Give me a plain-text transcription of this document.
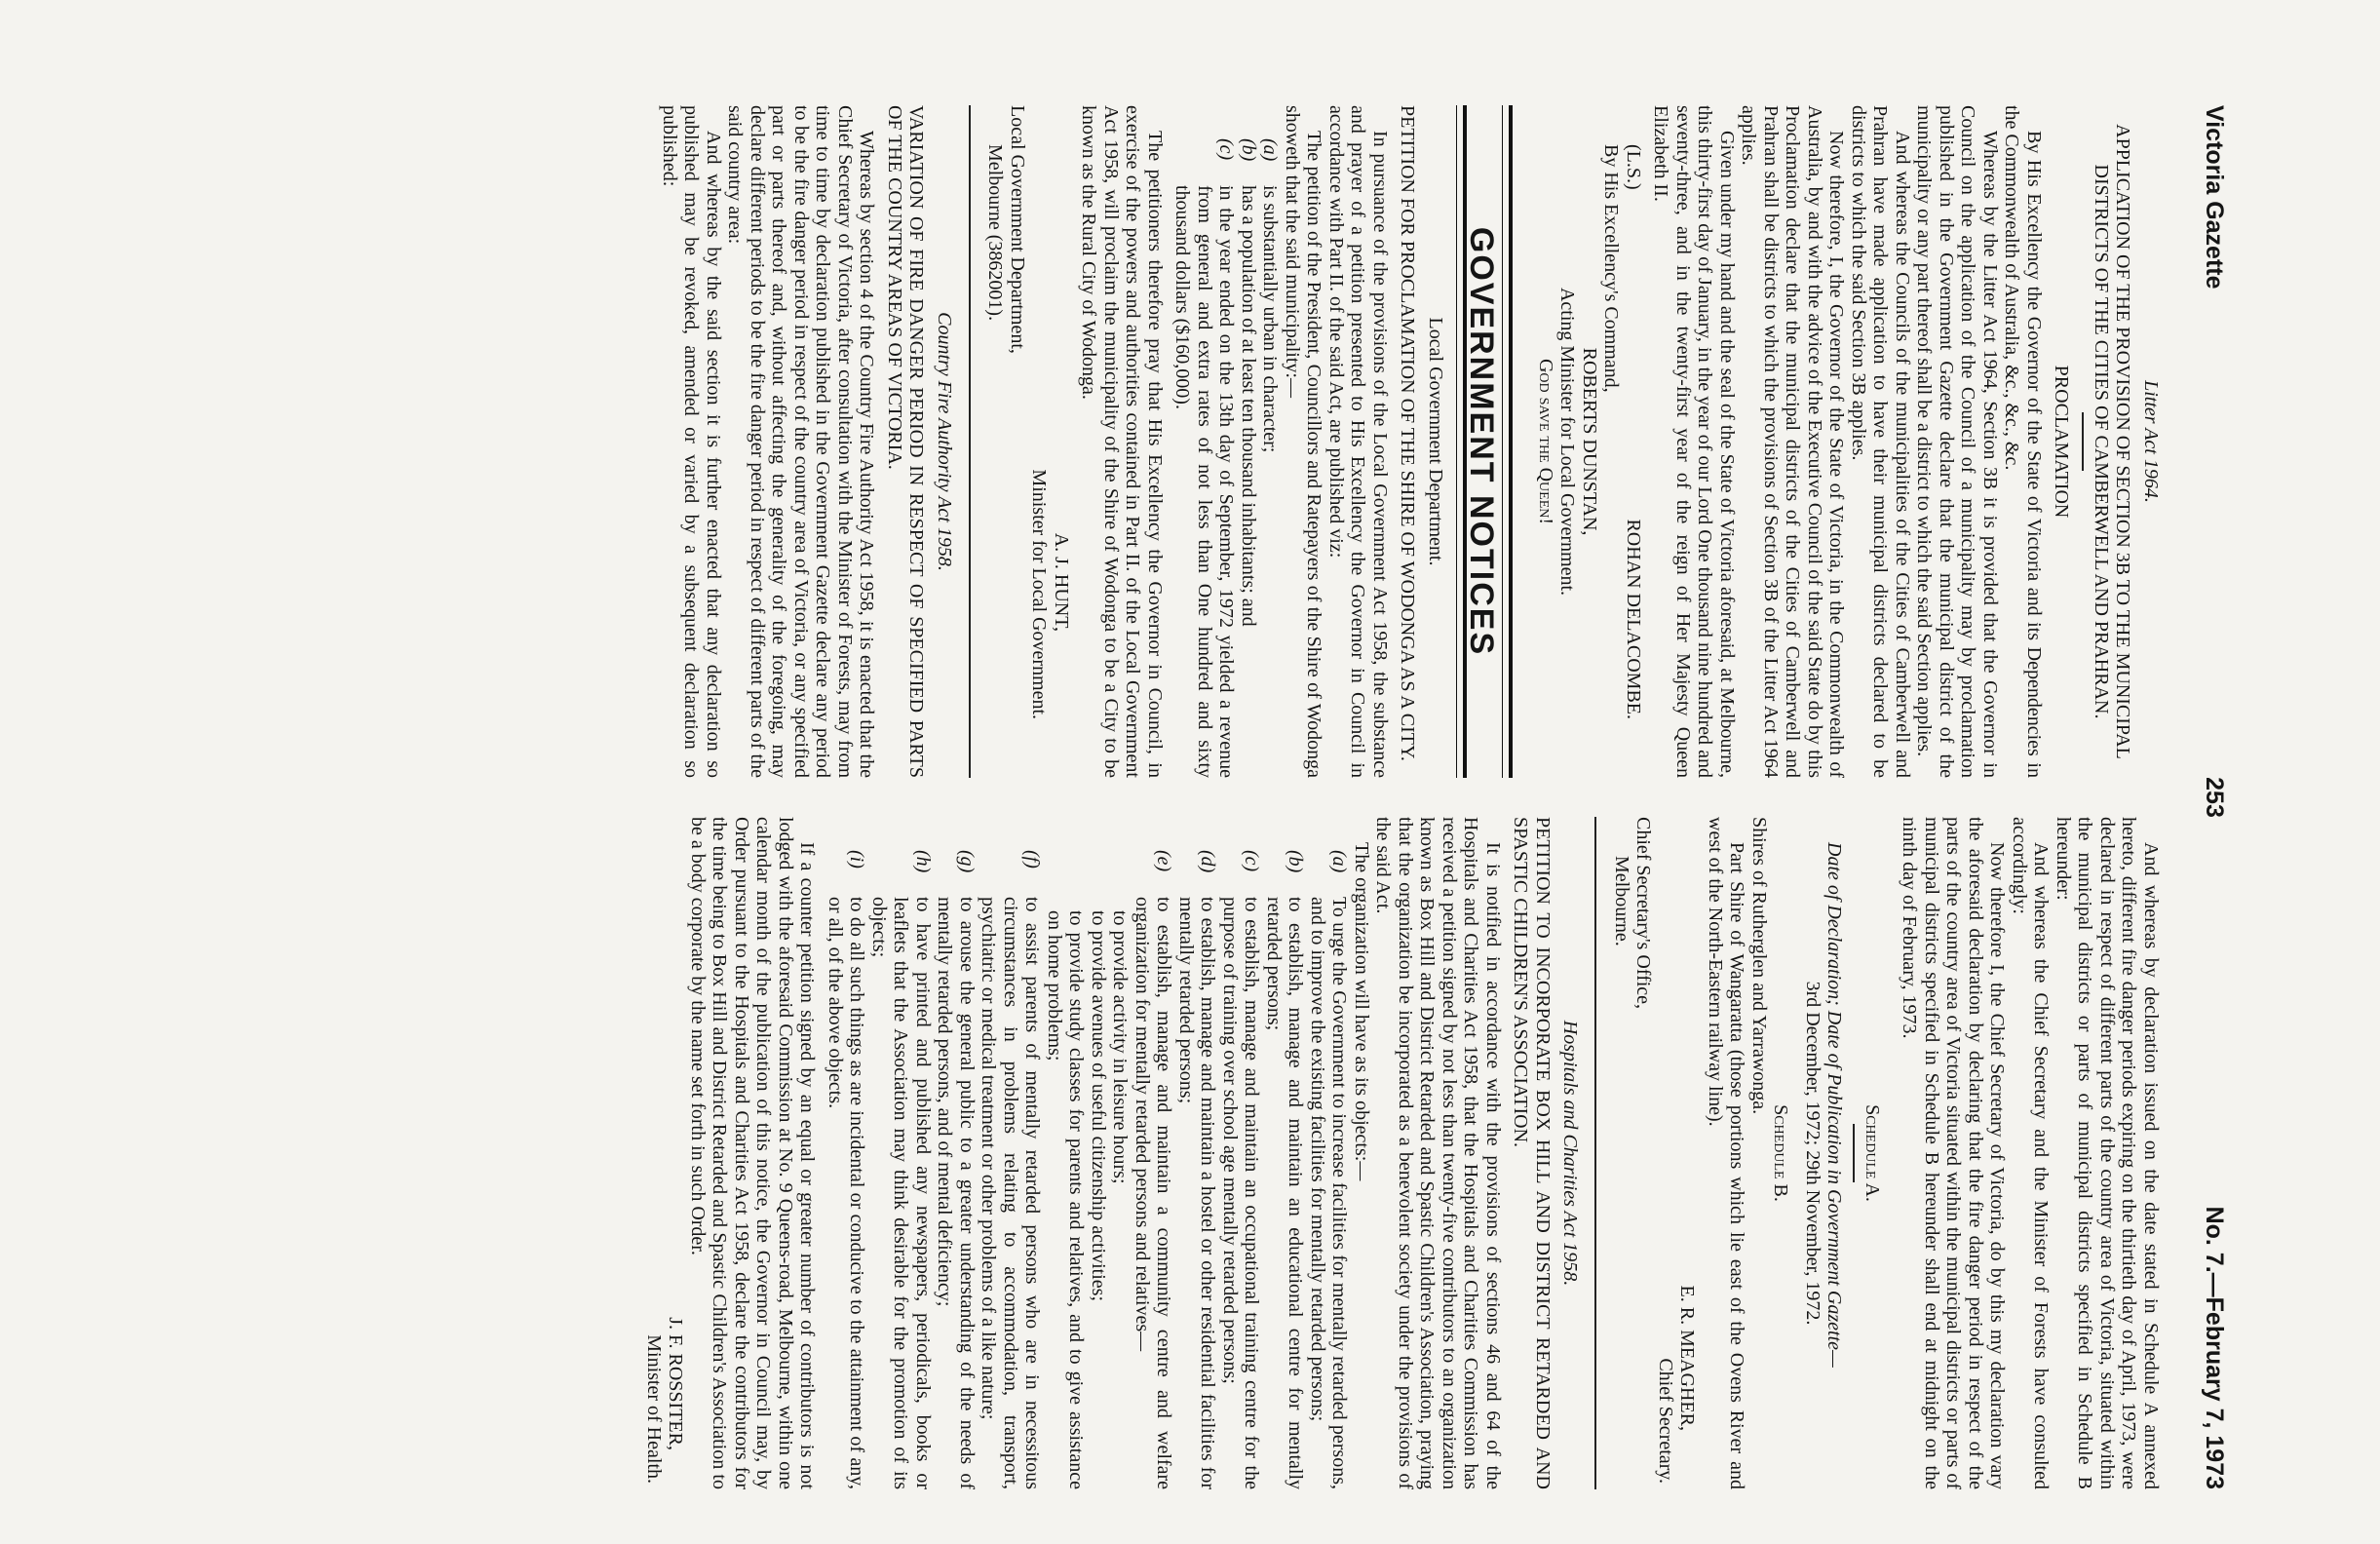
Victoria Gazette
253
No. 7.—February 7, 1973

Litter Act 1964.

APPLICATION OF THE PROVISION OF SECTION 3B TO THE MUNICIPAL DISTRICTS OF THE CITIES OF CAMBERWELL AND PRAHRAN.

PROCLAMATION

By His Excellency the Governor of the State of Victoria and its Dependencies in the Commonwealth of Australia, &c., &c., &c.

Whereas by the Litter Act 1964, Section 3B it is provided that the Governor in Council on the application of the Council of a municipality may by proclamation published in the Government Gazette declare that the municipal district of the municipality or any part thereof shall be a district to which the said Section applies.

And whereas the Councils of the municipalities of the Cities of Camberwell and Prahran have made application to have their municipal districts declared to be districts to which the said Section 3B applies.

Now therefore, I, the Governor of the State of Victoria, in the Commonwealth of Australia, by and with the advice of the Executive Council of the said State do by this Proclamation declare that the municipal districts of the Cities of Camberwell and Prahran shall be districts to which the provisions of Section 3B of the Litter Act 1964 applies.

Given under my hand and the seal of the State of Victoria aforesaid, at Melbourne, this thirty-first day of January, in the year of our Lord One thousand nine hundred and seventy-three, and in the twenty-first year of the reign of Her Majesty Queen Elizabeth II.

(L.S.)
ROHAN DELACOMBE.

By His Excellency's Command,

ROBERTS DUNSTAN,

Acting Minister for Local Government.

God save the Queen!

GOVERNMENT NOTICES

Local Government Department.

PETITION FOR PROCLAMATION OF THE SHIRE OF WODONGA AS A CITY.

In pursuance of the provisions of the Local Government Act 1958, the substance and prayer of a petition presented to His Excellency the Governor in Council in accordance with Part II. of the said Act, are published viz:

The petition of the President, Councillors and Ratepayers of the Shire of Wodonga showeth that the said municipality:—

(a)
is substantially urban in character;
(b)
has a population of at least ten thousand inhabitants; and
(c)
in the year ended on the 13th day of September, 1972 yielded a revenue from general and extra rates of not less than One hundred and sixty thousand dollars ($160,000).

The petitioners therefore pray that His Excellency the Governor in Council, in exercise of the powers and authorities contained in Part II. of the Local Government Act 1958, will proclaim the municipality of the Shire of Wodonga to be a City to be known as the Rural City of Wodonga.

A. J. HUNT,

Minister for Local Government.

Local Government Department,

Melbourne (3862001).

Country Fire Authority Act 1958.

VARIATION OF FIRE DANGER PERIOD IN RESPECT OF SPECIFIED PARTS OF THE COUNTRY AREAS OF VICTORIA.

Whereas by section 4 of the Country Fire Authority Act 1958, it is enacted that the Chief Secretary of Victoria, after consultation with the Minister of Forests, may from time to time by declaration published in the Government Gazette declare any period to be the fire danger period in respect of the country area of Victoria, or any specified part or parts thereof and, without affecting the generality of the foregoing, may declare different periods to be the fire danger period in respect of different parts of the said country area:

And whereas by the said section it is further enacted that any declaration so published may be revoked, amended or varied by a subsequent declaration so published:

And whereas by declaration issued on the date stated in Schedule A annexed hereto, different fire danger periods expiring on the thirtieth day of April, 1973, were declared in respect of different parts of the country area of Victoria, situated within the municipal districts or parts of municipal districts specified in Schedule B hereunder:

And whereas the Chief Secretary and the Minister of Forests have consulted accordingly:

Now therefore I, the Chief Secretary of Victoria, do by this my declaration vary the aforesaid declaration by declaring that the fire danger period in respect of the parts of the country area of Victoria situated within the municipal districts or parts of municipal districts specified in Schedule B hereunder shall end at midnight on the ninth day of February, 1973.

Schedule A.

Date of Declaration; Date of Publication in Government Gazette—

3rd December, 1972; 29th November, 1972.

Schedule B.

Shires of Rutherglen and Yarrawonga.

Part Shire of Wangaratta (those portions which lie east of the Ovens River and west of the North-Eastern railway line).

E. R. MEAGHER,

Chief Secretary.

Chief Secretary's Office,

Melbourne.

Hospitals and Charities Act 1958.

PETITION TO INCORPORATE BOX HILL AND DISTRICT RETARDED AND SPASTIC CHILDREN'S ASSOCIATION.

It is notified in accordance with the provisions of sections 46 and 64 of the Hospitals and Charities Act 1958, that the Hospitals and Charities Commission has received a petition signed by not less than twenty-five contributors to an organization known as Box Hill and District Retarded and Spastic Children's Association, praying that the organization be incorporated as a benevolent society under the provisions of the said Act.

The organization will have as its objects:—

(a)
To urge the Government to increase facilities for mentally retarded persons, and to improve the existing facilities for mentally retarded persons;
(b)
to establish, manage and maintain an educational centre for mentally retarded persons;
(c)
to establish, manage and maintain an occupational training centre for the purpose of training over school age mentally retarded persons;
(d)
to establish, manage and maintain a hostel or other residential facilities for mentally retarded persons;
(e)
to establish, manage and maintain a community centre and welfare organization for mentally retarded persons and relatives—

to provide activity in leisure hours;

to provide avenues of useful citizenship activities;

to provide study classes for parents and relatives, and to give assistance on home problems;

(f)
to assist parents of mentally retarded persons who are in necessitous circumstances in problems relating to accommodation, transport, psychiatric or medical treatment or other problems of a like nature;
(g)
to arouse the general public to a greater understanding of the needs of mentally retarded persons, and of mental deficiency;
(h)
to have printed and published any newspapers, periodicals, books or leaflets that the Association may think desirable for the promotion of its objects;
(i)
to do all such things as are incidental or conducive to the attainment of any, or all, of the above objects.

If a counter petition signed by an equal or greater number of contributors is not lodged with the aforesaid Commission at No. 9 Queens-road, Melbourne, within one calendar month of the publication of this notice, the Governor in Council may, by Order pursuant to the Hospitals and Charities Act 1958, declare the contributors for the time being to Box Hill and District Retarded and Spastic Children's Association to be a body corporate by the name set forth in such Order.

J. F. ROSSITER,

Minister of Health.
